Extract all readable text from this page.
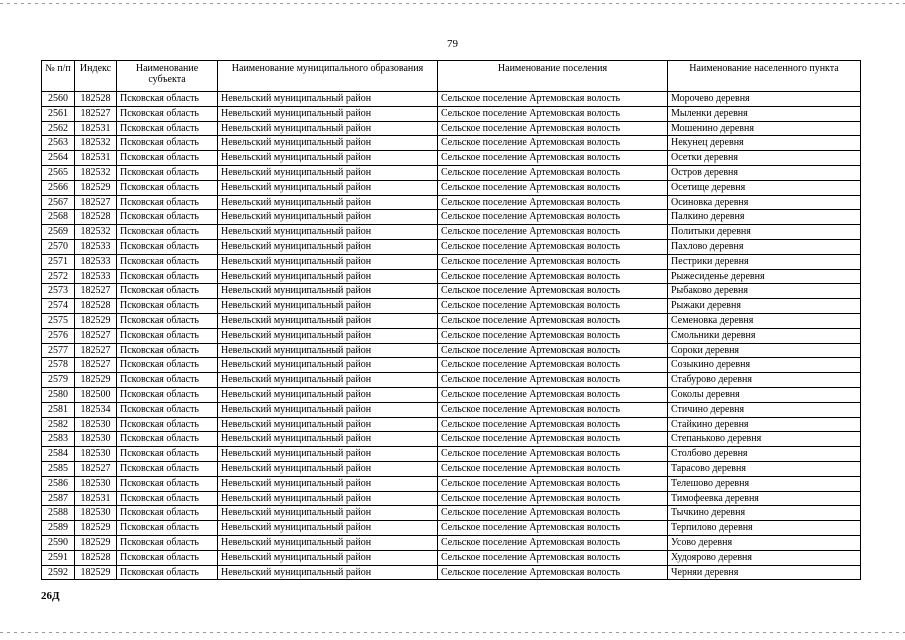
79
№ п/п	Индекс	Наименование субъекта	Наименование муниципального образования	Наименование поселения	Наименование населенного пункта
2560	182528	Псковская область	Невельский муниципальный район	Сельское поселение Артемовская волость	Морочево деревня
2561	182527	Псковская область	Невельский муниципальный район	Сельское поселение Артемовская волость	Мыленки деревня
2562	182531	Псковская область	Невельский муниципальный район	Сельское поселение Артемовская волость	Мошенино деревня
2563	182532	Псковская область	Невельский муниципальный район	Сельское поселение Артемовская волость	Некунец деревня
2564	182531	Псковская область	Невельский муниципальный район	Сельское поселение Артемовская волость	Осетки деревня
2565	182532	Псковская область	Невельский муниципальный район	Сельское поселение Артемовская волость	Остров деревня
2566	182529	Псковская область	Невельский муниципальный район	Сельское поселение Артемовская волость	Осетище деревня
2567	182527	Псковская область	Невельский муниципальный район	Сельское поселение Артемовская волость	Осиновка деревня
2568	182528	Псковская область	Невельский муниципальный район	Сельское поселение Артемовская волость	Палкино деревня
2569	182532	Псковская область	Невельский муниципальный район	Сельское поселение Артемовская волость	Политыки деревня
2570	182533	Псковская область	Невельский муниципальный район	Сельское поселение Артемовская волость	Пахлово деревня
2571	182533	Псковская область	Невельский муниципальный район	Сельское поселение Артемовская волость	Пестрики деревня
2572	182533	Псковская область	Невельский муниципальный район	Сельское поселение Артемовская волость	Рыжесиденье деревня
2573	182527	Псковская область	Невельский муниципальный район	Сельское поселение Артемовская волость	Рыбаково деревня
2574	182528	Псковская область	Невельский муниципальный район	Сельское поселение Артемовская волость	Рыжаки деревня
2575	182529	Псковская область	Невельский муниципальный район	Сельское поселение Артемовская волость	Семеновка деревня
2576	182527	Псковская область	Невельский муниципальный район	Сельское поселение Артемовская волость	Смольники деревня
2577	182527	Псковская область	Невельский муниципальный район	Сельское поселение Артемовская волость	Сороки деревня
2578	182527	Псковская область	Невельский муниципальный район	Сельское поселение Артемовская волость	Созыкино деревня
2579	182529	Псковская область	Невельский муниципальный район	Сельское поселение Артемовская волость	Стабурово деревня
2580	182500	Псковская область	Невельский муниципальный район	Сельское поселение Артемовская волость	Соколы деревня
2581	182534	Псковская область	Невельский муниципальный район	Сельское поселение Артемовская волость	Стичино деревня
2582	182530	Псковская область	Невельский муниципальный район	Сельское поселение Артемовская волость	Стайкино деревня
2583	182530	Псковская область	Невельский муниципальный район	Сельское поселение Артемовская волость	Степаньково деревня
2584	182530	Псковская область	Невельский муниципальный район	Сельское поселение Артемовская волость	Столбово деревня
2585	182527	Псковская область	Невельский муниципальный район	Сельское поселение Артемовская волость	Тарасово деревня
2586	182530	Псковская область	Невельский муниципальный район	Сельское поселение Артемовская волость	Телешово деревня
2587	182531	Псковская область	Невельский муниципальный район	Сельское поселение Артемовская волость	Тимофеевка деревня
2588	182530	Псковская область	Невельский муниципальный район	Сельское поселение Артемовская волость	Тычкино деревня
2589	182529	Псковская область	Невельский муниципальный район	Сельское поселение Артемовская волость	Терпилово деревня
2590	182529	Псковская область	Невельский муниципальный район	Сельское поселение Артемовская волость	Усово деревня
2591	182528	Псковская область	Невельский муниципальный район	Сельское поселение Артемовская волость	Худоярово деревня
2592	182529	Псковская область	Невельский муниципальный район	Сельское поселение Артемовская волость	Черняи деревня
26Д
